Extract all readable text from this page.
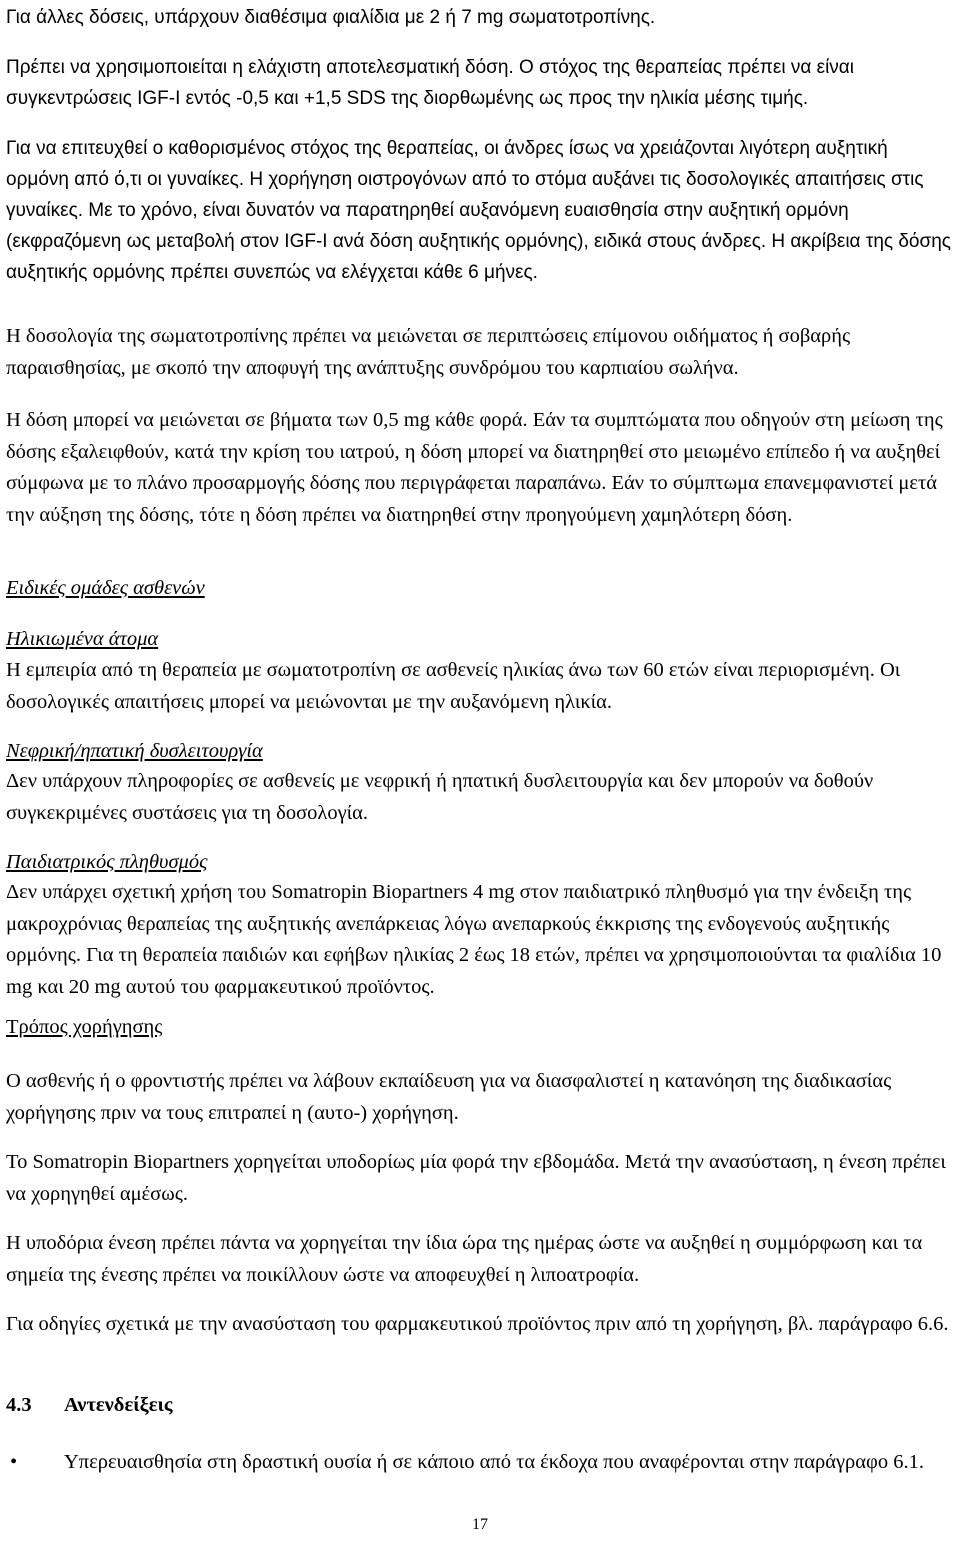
Για άλλες δόσεις, υπάρχουν διαθέσιμα φιαλίδια με 2 ή 7 mg σωματοτροπίνης.

Πρέπει να χρησιμοποιείται η ελάχιστη αποτελεσματική δόση. Ο στόχος της θεραπείας πρέπει να είναι συγκεντρώσεις IGF-I εντός -0,5 και +1,5 SDS της διορθωμένης ως προς την ηλικία μέσης τιμής.

Για να επιτευχθεί ο καθορισμένος στόχος της θεραπείας, οι άνδρες ίσως να χρειάζονται λιγότερη αυξητική ορμόνη από ό,τι οι γυναίκες. Η χορήγηση οιστρογόνων από το στόμα αυξάνει τις δοσολογικές απαιτήσεις στις γυναίκες. Με το χρόνο, είναι δυνατόν να παρατηρηθεί αυξανόμενη ευαισθησία στην αυξητική ορμόνη (εκφραζόμενη ως μεταβολή στον IGF-I ανά δόση αυξητικής ορμόνης), ειδικά στους άνδρες. Η ακρίβεια της δόσης αυξητικής ορμόνης πρέπει συνεπώς να ελέγχεται κάθε 6 μήνες.

Η δοσολογία της σωματοτροπίνης πρέπει να μειώνεται σε περιπτώσεις επίμονου οιδήματος ή σοβαρής παραισθησίας, με σκοπό την αποφυγή της ανάπτυξης συνδρόμου του καρπιαίου σωλήνα.

Η δόση μπορεί να μειώνεται σε βήματα των 0,5 mg κάθε φορά. Εάν τα συμπτώματα που οδηγούν στη μείωση της δόσης εξαλειφθούν, κατά την κρίση του ιατρού, η δόση μπορεί να διατηρηθεί στο μειωμένο επίπεδο ή να αυξηθεί σύμφωνα με το πλάνο προσαρμογής δόσης που περιγράφεται παραπάνω. Εάν το σύμπτωμα επανεμφανιστεί μετά την αύξηση της δόσης, τότε η δόση πρέπει να διατηρηθεί στην προηγούμενη χαμηλότερη δόση.

Ειδικές ομάδες ασθενών

Ηλικιωμένα άτομα

Η εμπειρία από τη θεραπεία με σωματοτροπίνη σε ασθενείς ηλικίας άνω των 60 ετών είναι περιορισμένη. Οι δοσολογικές απαιτήσεις μπορεί να μειώνονται με την αυξανόμενη ηλικία.

Νεφρική/ηπατική δυσλειτουργία

Δεν υπάρχουν πληροφορίες σε ασθενείς με νεφρική ή ηπατική δυσλειτουργία και δεν μπορούν να δοθούν συγκεκριμένες συστάσεις για τη δοσολογία.

Παιδιατρικός πληθυσμός

Δεν υπάρχει σχετική χρήση του Somatropin Biopartners 4 mg στον παιδιατρικό πληθυσμό για την ένδειξη της μακροχρόνιας θεραπείας της αυξητικής ανεπάρκειας λόγω ανεπαρκούς έκκρισης της ενδογενούς αυξητικής ορμόνης. Για τη θεραπεία παιδιών και εφήβων ηλικίας 2 έως 18 ετών, πρέπει να χρησιμοποιούνται τα φιαλίδια 10 mg και 20 mg αυτού του φαρμακευτικού προϊόντος.

Τρόπος χορήγησης

Ο ασθενής ή ο φροντιστής πρέπει να λάβουν εκπαίδευση για να διασφαλιστεί η κατανόηση της διαδικασίας χορήγησης πριν να τους επιτραπεί η (αυτο-) χορήγηση.

Το Somatropin Biopartners χορηγείται υποδορίως μία φορά την εβδομάδα. Μετά την ανασύσταση, η ένεση πρέπει να χορηγηθεί αμέσως.

Η υποδόρια ένεση πρέπει πάντα να χορηγείται την ίδια ώρα της ημέρας ώστε να αυξηθεί η συμμόρφωση και τα σημεία της ένεσης πρέπει να ποικίλλουν ώστε να αποφευχθεί η λιποατροφία.

Για οδηγίες σχετικά με την ανασύσταση του φαρμακευτικού προϊόντος πριν από τη χορήγηση, βλ. παράγραφο 6.6.

4.3 Αντενδείξεις
• Υπερευαισθησία στη δραστική ουσία ή σε κάποιο από τα έκδοχα που αναφέρονται στην παράγραφο 6.1.
17
